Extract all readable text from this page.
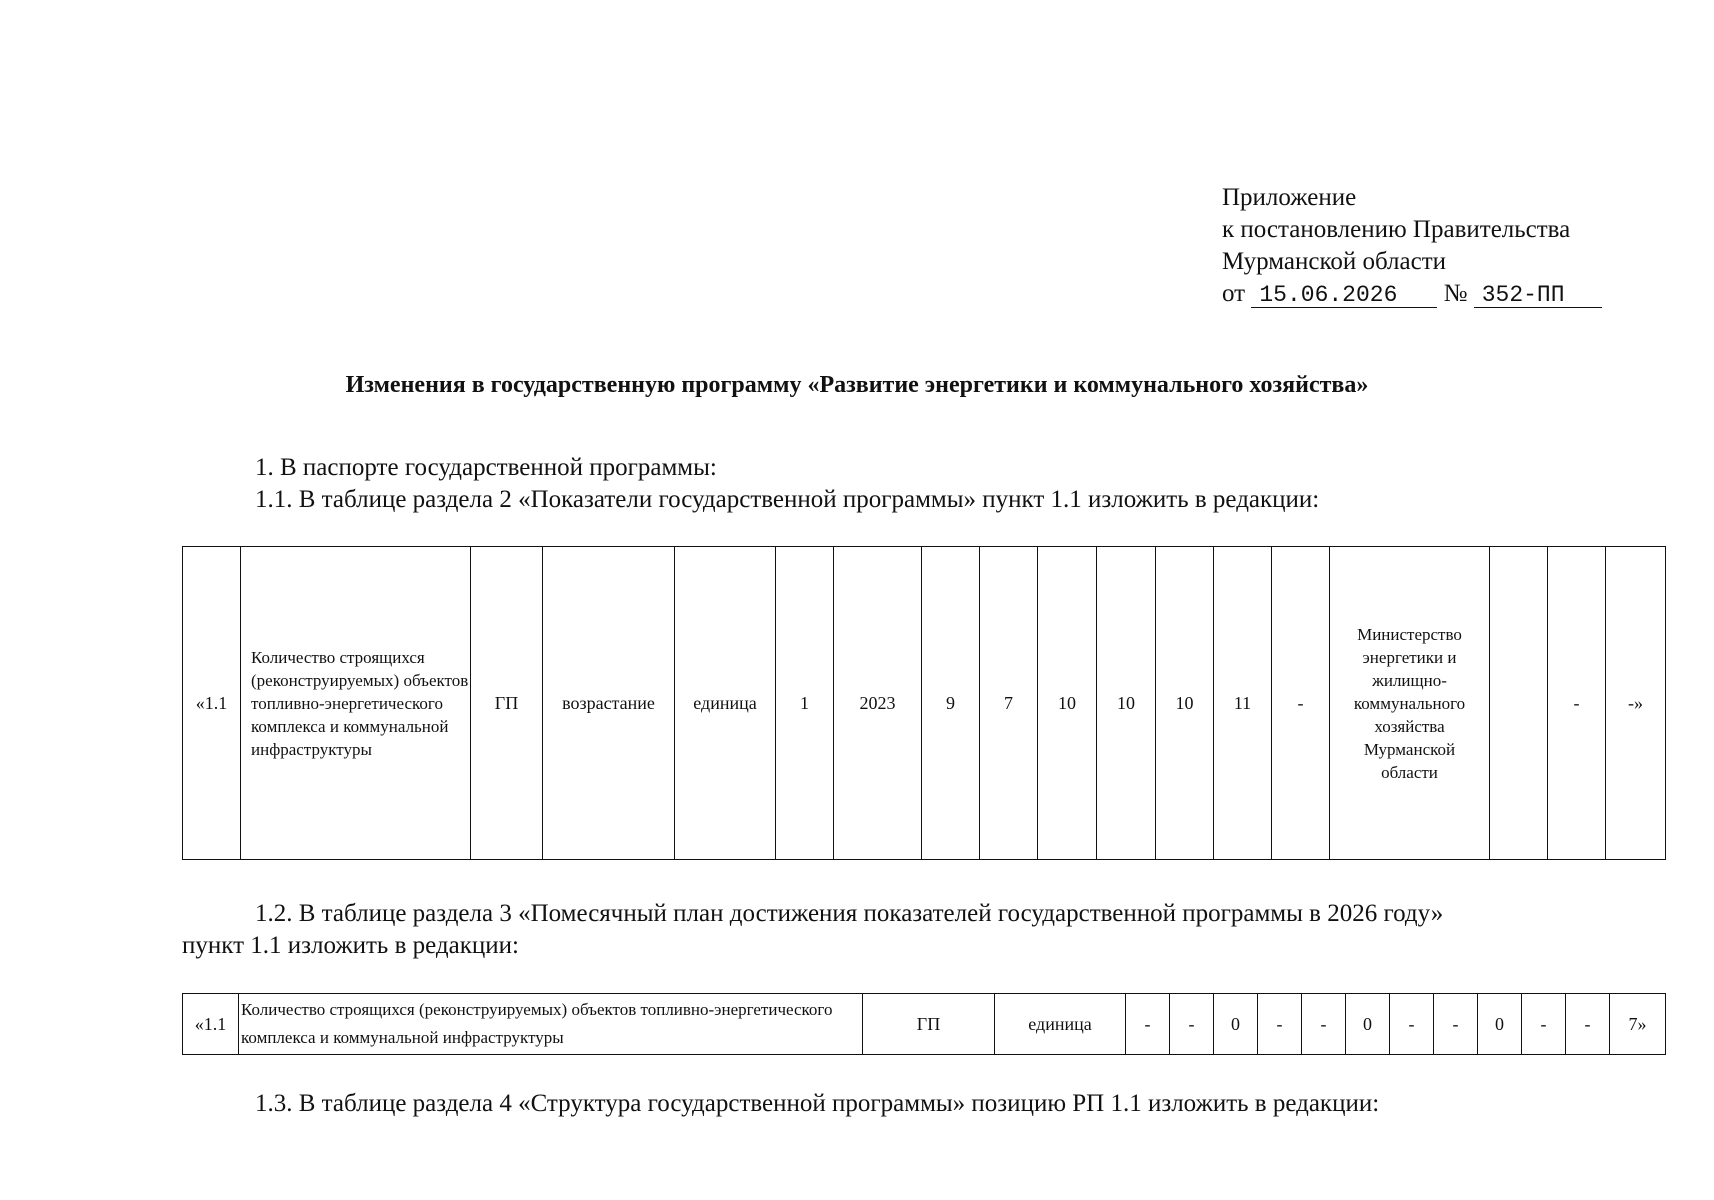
Приложение
к постановлению Правительства
Мурманской области
от 15.06.2026 № 352-ПП
Изменения в государственную программу «Развитие энергетики и коммунального хозяйства»
1. В паспорте государственной программы:
1.1. В таблице раздела 2 «Показатели государственной программы» пункт 1.1 изложить в редакции:
«1.1	Количество строящихся (реконструируемых) объектов топливно-энергетического комплекса и коммунальной инфраструктуры	ГП	возрастание	единица	1	2023	9	7	10	10	10	11	-	Министерство энергетики и жилищно-коммунального хозяйства Мурманской области		-	-»
1.2. В таблице раздела 3 «Помесячный план достижения показателей государственной программы в 2026 году»
пункт 1.1 изложить в редакции:
«1.1	Количество строящихся (реконструируемых) объектов топливно-энергетического комплекса и коммунальной инфраструктуры	ГП	единица	-	-	0	-	-	0	-	-	0	-	-	7»
1.3. В таблице раздела 4 «Структура государственной программы» позицию РП 1.1 изложить в редакции:
